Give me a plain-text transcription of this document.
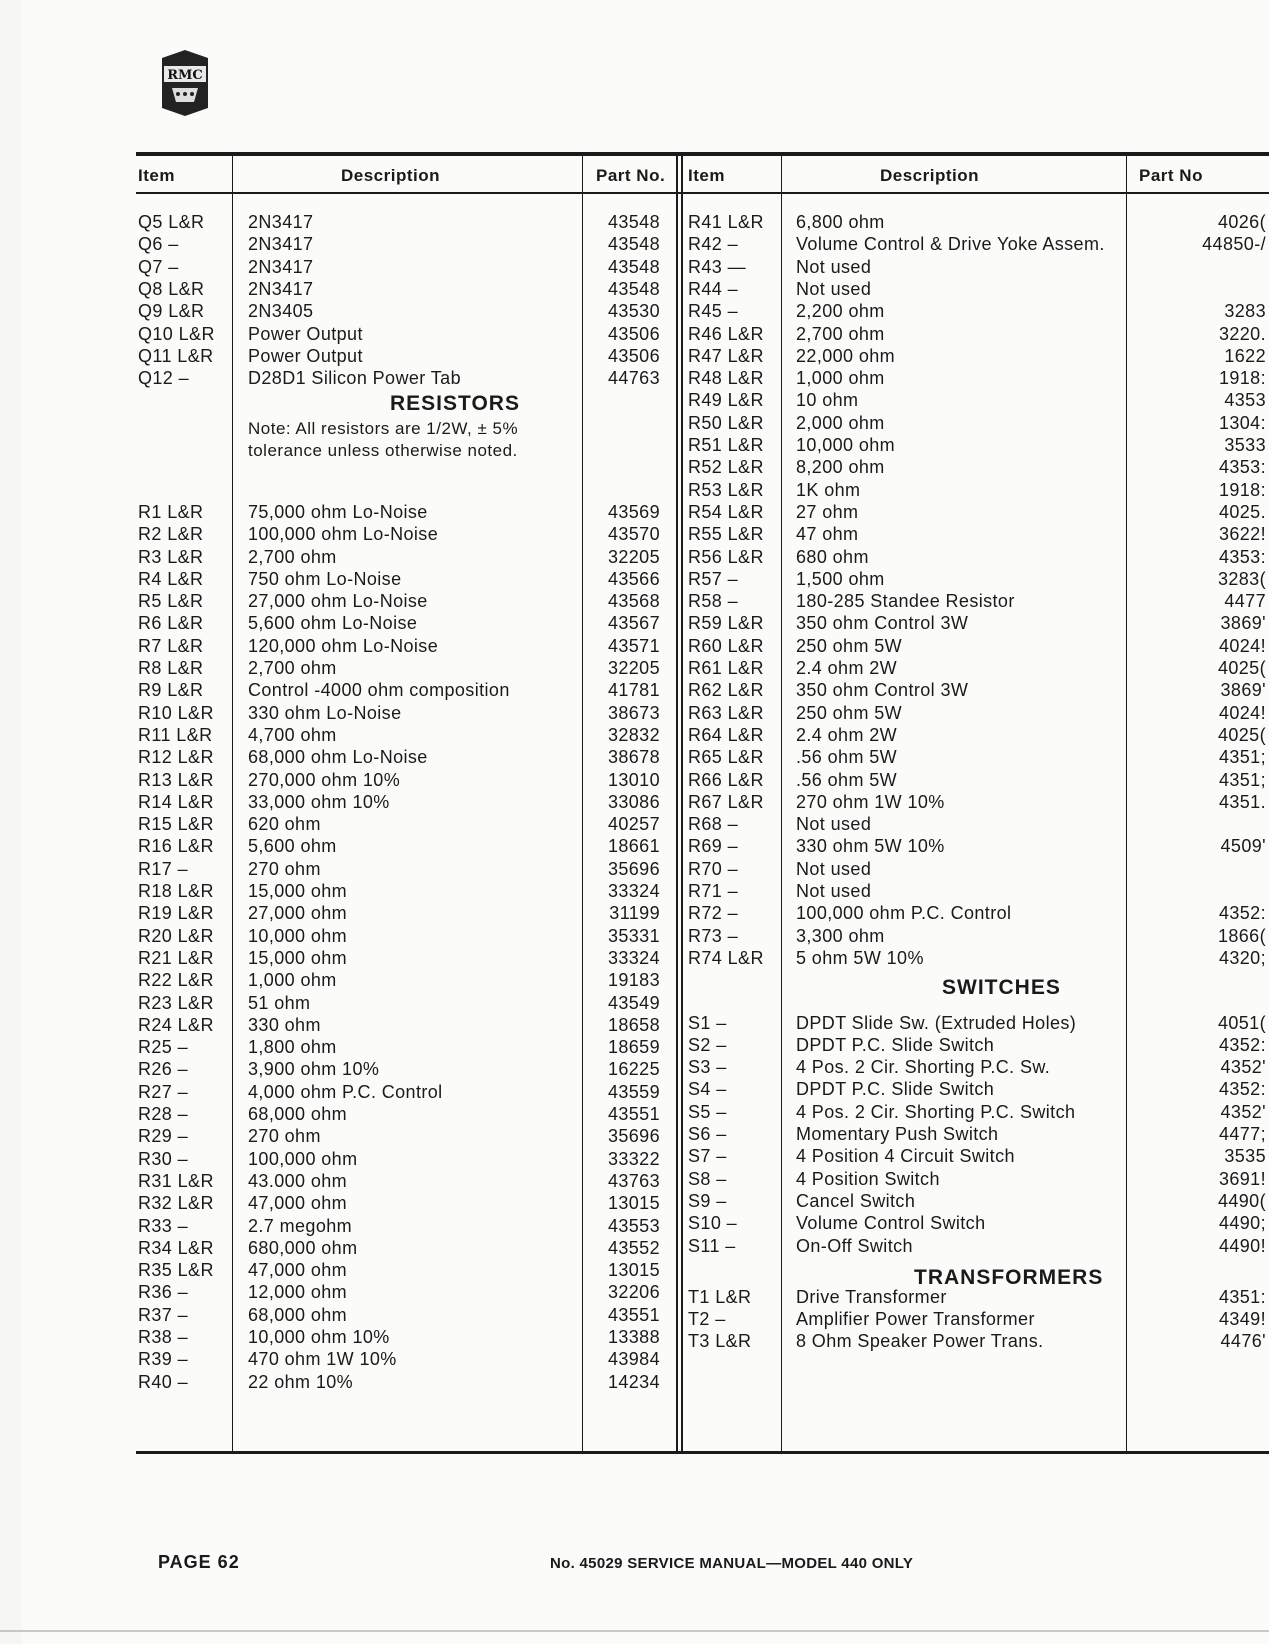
RMC
Item	Description	Part No. Item	Description	Part No
Q5 L&R 2N3417	43548
Q6 –	2N3417	43548
Q7 –	2N3417	43548
Q8 L&R 2N3417	43548
Q9 L&R 2N3405	43530
Q10 L&R Power Output	43506
Q11 L&R Power Output	43506
Q12 –	D28D1 Silicon Power Tab	44763
RESISTORS
Note: All resistors are 1/2W, ± 5%
tolerance unless otherwise noted.
R1 L&R 75,000 ohm Lo-Noise	43569
R2 L&R 100,000 ohm Lo-Noise	43570
R3 L&R 2,700 ohm	32205
R4 L&R 750 ohm Lo-Noise	43566
R5 L&R 27,000 ohm Lo-Noise	43568
R6 L&R 5,600 ohm Lo-Noise	43567
R7 L&R 120,000 ohm Lo-Noise	43571
R8 L&R 2,700 ohm	32205
R9 L&R Control -4000 ohm composition	41781
R10 L&R 330 ohm Lo-Noise	38673
R11 L&R 4,700 ohm	32832
R12 L&R 68,000 ohm Lo-Noise	38678
R13 L&R 270,000 ohm 10%	13010
R14 L&R 33,000 ohm 10%	33086
R15 L&R 620 ohm	40257
R16 L&R 5,600 ohm	18661
R17 –	270 ohm	35696
R18 L&R 15,000 ohm	33324
R19 L&R 27,000 ohm	31199
R20 L&R 10,000 ohm	35331
R21 L&R 15,000 ohm	33324
R22 L&R 1,000 ohm	19183
R23 L&R 51 ohm	43549
R24 L&R 330 ohm	18658
R25 –	1,800 ohm	18659
R26 –	3,900 ohm 10%	16225
R27 –	4,000 ohm P.C. Control	43559
R28 –	68,000 ohm	43551
R29 –	270 ohm	35696
R30 –	100,000 ohm	33322
R31 L&R 43.000 ohm	43763
R32 L&R 47,000 ohm	13015
R33 –	2.7 megohm	43553
R34 L&R 680,000 ohm	43552
R35 L&R 47,000 ohm	13015
R36 –	12,000 ohm	32206
R37 –	68,000 ohm	43551
R38 –	10,000 ohm 10%	13388
R39 –	470 ohm 1W 10%	43984
R40 –	22 ohm 10%	14234
R41 L&R 6,800 ohm	4026(
R42 –	Volume Control & Drive Yoke Assem.	44850-/
R43 —	Not used
R44 –	Not used
R45 –	2,200 ohm	3283
R46 L&R 2,700 ohm	3220.
R47 L&R 22,000 ohm	1622
R48 L&R 1,000 ohm	1918:
R49 L&R 10 ohm	4353
R50 L&R 2,000 ohm	1304:
R51 L&R 10,000 ohm	3533
R52 L&R 8,200 ohm	4353:
R53 L&R 1K ohm	1918:
R54 L&R 27 ohm	4025.
R55 L&R 47 ohm	3622!
R56 L&R 680 ohm	4353:
R57 –	1,500 ohm	3283(
R58 –	180-285 Standee Resistor	4477
R59 L&R 350 ohm Control 3W	3869'
R60 L&R 250 ohm 5W	4024!
R61 L&R 2.4 ohm 2W	4025(
R62 L&R 350 ohm Control 3W	3869'
R63 L&R 250 ohm 5W	4024!
R64 L&R 2.4 ohm 2W	4025(
R65 L&R .56 ohm 5W	4351;
R66 L&R .56 ohm 5W	4351;
R67 L&R 270 ohm 1W 10%	4351.
R68 –	Not used
R69 –	330 ohm 5W 10%	4509'
R70 –	Not used
R71 –	Not used
R72 –	100,000 ohm P.C. Control	4352:
R73 –	3,300 ohm	1866(
R74 L&R 5 ohm 5W 10%	4320;
SWITCHES
S1 –	DPDT Slide Sw. (Extruded Holes)	4051(
S2 –	DPDT P.C. Slide Switch	4352:
S3 –	4 Pos. 2 Cir. Shorting P.C. Sw.	4352'
S4 –	DPDT P.C. Slide Switch	4352:
S5 –	4 Pos. 2 Cir. Shorting P.C. Switch	4352'
S6 –	Momentary Push Switch	4477;
S7 –	4 Position 4 Circuit Switch	3535
S8 –	4 Position Switch	3691!
S9 –	Cancel Switch	4490(
S10 –	Volume Control Switch	4490;
S11 –	On-Off Switch	4490!
TRANSFORMERS
T1 L&R Drive Transformer	4351:
T2 –	Amplifier Power Transformer	4349!
T3 L&R 8 Ohm Speaker Power Trans.	4476'
PAGE 62	No. 45029 SERVICE MANUAL—MODEL 440 ONLY
